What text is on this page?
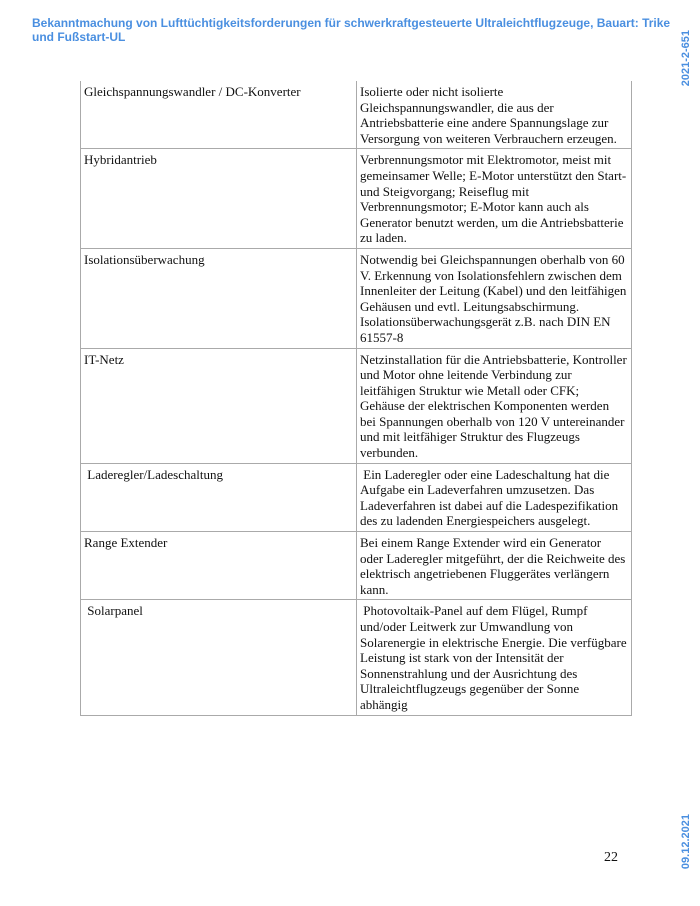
Bekanntmachung von Lufttüchtigkeitsforderungen für schwerkraftgesteuerte Ultraleichtflugzeuge, Bauart: Trike und Fußstart-UL	2021-2-651
09.12.2021
Gleichspannungswandler / DC-Konverter	Isolierte oder nicht isolierte Gleichspannungswandler, die aus der Antriebsbatterie eine andere Spannungslage zur Versorgung von weiteren Verbrauchern erzeugen.
Hybridantrieb	Verbrennungsmotor mit Elektromotor, meist mit gemeinsamer Welle; E-Motor unterstützt den Start- und Steigvorgang; Reiseflug mit Verbrennungsmotor; E-Motor kann auch als Generator benutzt werden, um die Antriebsbatterie zu laden.
Isolationsüberwachung	Notwendig bei Gleichspannungen oberhalb von 60 V. Erkennung von Isolationsfehlern zwischen dem Innenleiter der Leitung (Kabel) und den leitfähigen Gehäusen und evtl. Leitungsabschirmung. Isolationsüberwachungsgerät z.B. nach DIN EN 61557-8
IT-Netz	Netzinstallation für die Antriebsbatterie, Kontroller und Motor ohne leitende Verbindung zur leitfähigen Struktur wie Metall oder CFK; Gehäuse der elektrischen Komponenten werden bei Spannungen oberhalb von 120 V untereinander und mit leitfähiger Struktur des Flugzeugs verbunden.
Laderegler/Ladeschaltung	Ein Laderegler oder eine Ladeschaltung hat die Aufgabe ein Ladeverfahren umzusetzen. Das Ladeverfahren ist dabei auf die Ladespezifikation des zu ladenden Energiespeichers ausgelegt.
Range Extender	Bei einem Range Extender wird ein Generator oder Laderegler mitgeführt, der die Reichweite des elektrisch angetriebenen Fluggerätes verlängern kann.
Solarpanel	Photovoltaik-Panel auf dem Flügel, Rumpf und/oder Leitwerk zur Umwandlung von Solarenergie in elektrische Energie. Die verfügbare Leistung ist stark von der Intensität der Sonnenstrahlung und der Ausrichtung des Ultraleichtflugzeugs gegenüber der Sonne abhängig
22
